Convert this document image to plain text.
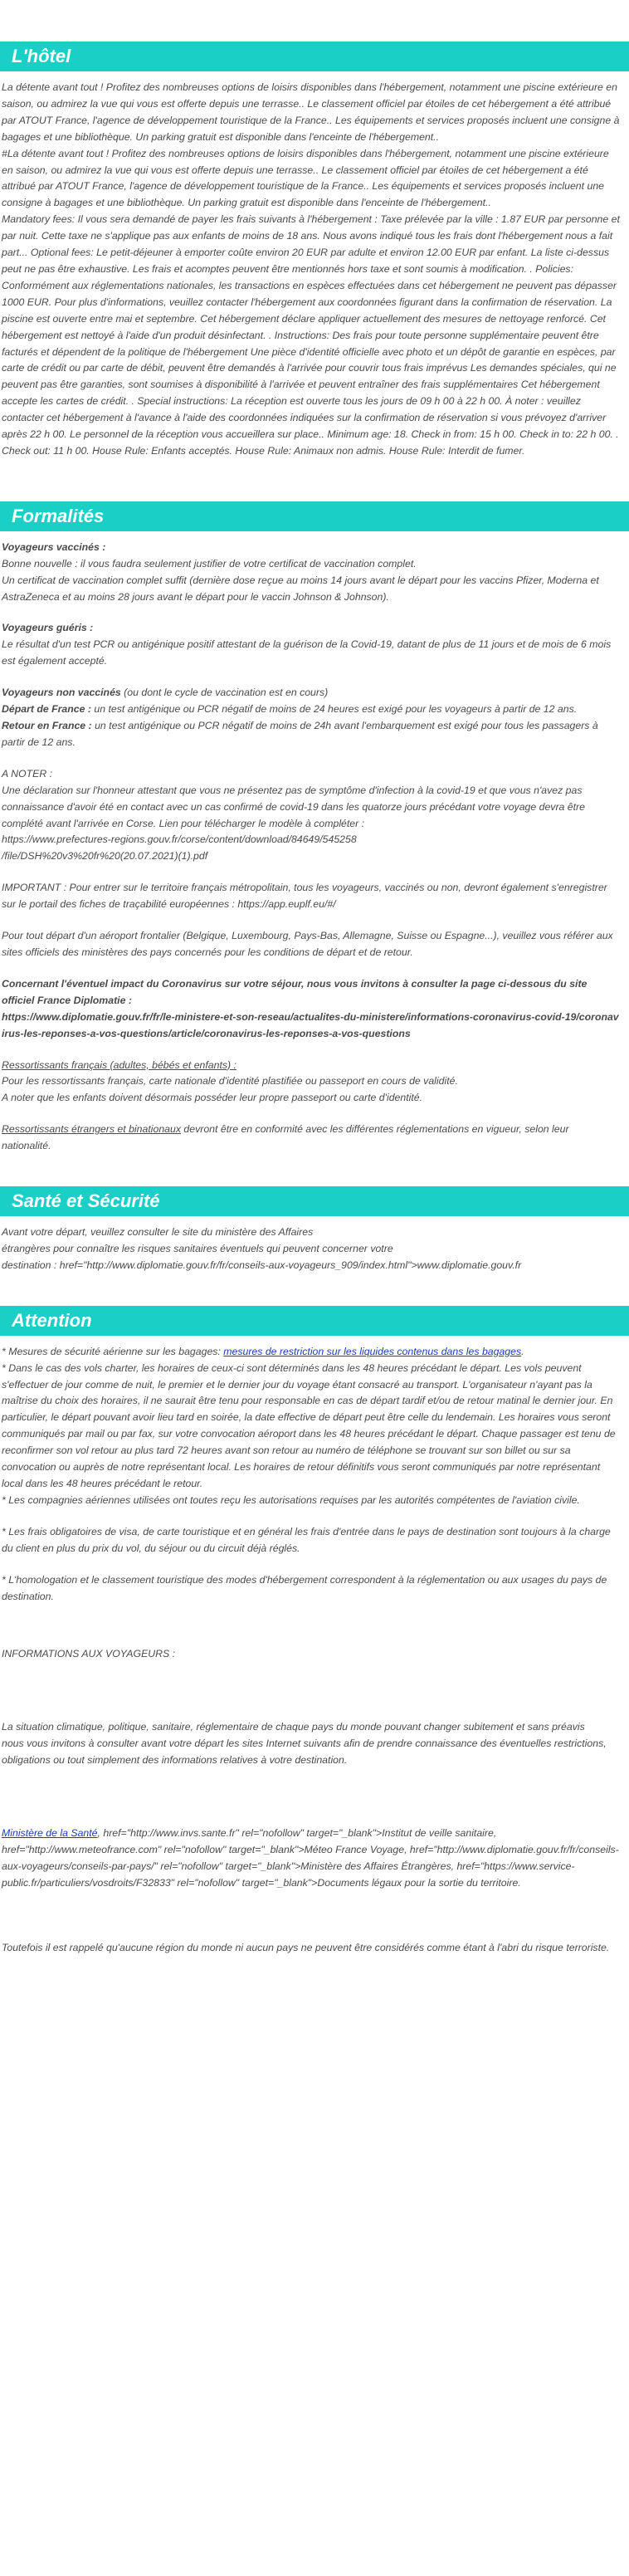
L'hôtel

La détente avant tout ! Profitez des nombreuses options de loisirs disponibles dans l'hébergement, notamment une piscine extérieure en saison, ou admirez la vue qui vous est offerte depuis une terrasse.. Le classement officiel par étoiles de cet hébergement a été attribué par ATOUT France, l'agence de développement touristique de la France.. Les équipements et services proposés incluent une consigne à bagages et une bibliothèque. Un parking gratuit est disponible dans l'enceinte de l'hébergement..

#La détente avant tout ! Profitez des nombreuses options de loisirs disponibles dans l'hébergement, notamment une piscine extérieure en saison, ou admirez la vue qui vous est offerte depuis une terrasse.. Le classement officiel par étoiles de cet hébergement a été attribué par ATOUT France, l'agence de développement touristique de la France.. Les équipements et services proposés incluent une consigne à bagages et une bibliothèque. Un parking gratuit est disponible dans l'enceinte de l'hébergement..

Mandatory fees: Il vous sera demandé de payer les frais suivants à l'hébergement : Taxe prélevée par la ville : 1.87 EUR par personne et par nuit. Cette taxe ne s'applique pas aux enfants de moins de 18 ans. Nous avons indiqué tous les frais dont l'hébergement nous a fait part... Optional fees: Le petit-déjeuner à emporter coûte environ 20 EUR par adulte et environ 12.00 EUR par enfant. La liste ci-dessus peut ne pas être exhaustive. Les frais et acomptes peuvent être mentionnés hors taxe et sont soumis à modification. . Policies: Conformément aux réglementations nationales, les transactions en espèces effectuées dans cet hébergement ne peuvent pas dépasser 1000 EUR. Pour plus d'informations, veuillez contacter l'hébergement aux coordonnées figurant dans la confirmation de réservation. La piscine est ouverte entre mai et septembre. Cet hébergement déclare appliquer actuellement des mesures de nettoyage renforcé. Cet hébergement est nettoyé à l'aide d'un produit désinfectant. . Instructions: Des frais pour toute personne supplémentaire peuvent être facturés et dépendent de la politique de l'hébergement Une pièce d'identité officielle avec photo et un dépôt de garantie en espèces, par carte de crédit ou par carte de débit, peuvent être demandés à l'arrivée pour couvrir tous frais imprévus Les demandes spéciales, qui ne peuvent pas être garanties, sont soumises à disponibilité à l'arrivée et peuvent entraîner des frais supplémentaires Cet hébergement accepte les cartes de crédit. . Special instructions: La réception est ouverte tous les jours de 09 h 00 à 22 h 00. À noter : veuillez contacter cet hébergement à l'avance à l'aide des coordonnées indiquées sur la confirmation de réservation si vous prévoyez d'arriver après 22 h 00. Le personnel de la réception vous accueillera sur place.. Minimum age: 18. Check in from: 15 h 00. Check in to: 22 h 00. . Check out: 11 h 00. House Rule: Enfants acceptés. House Rule: Animaux non admis. House Rule: Interdit de fumer.

Formalités

Voyageurs vaccinés :

Bonne nouvelle : il vous faudra seulement justifier de votre certificat de vaccination complet.

Un certificat de vaccination complet suffit (dernière dose reçue au moins 14 jours avant le départ pour les vaccins Pfizer, Moderna et AstraZeneca et au moins 28 jours avant le départ pour le vaccin Johnson & Johnson).

Voyageurs guéris :

Le résultat d'un test PCR ou antigénique positif attestant de la guérison de la Covid-19, datant de plus de 11 jours et de mois de 6 mois est également accepté.

Voyageurs non vaccinés (ou dont le cycle de vaccination est en cours)

Départ de France : un test antigénique ou PCR négatif de moins de 24 heures est exigé pour les voyageurs à partir de 12 ans.

Retour en France : un test antigénique ou PCR négatif de moins de 24h avant l'embarquement est exigé pour tous les passagers à partir de 12 ans.

A NOTER :

Une déclaration sur l'honneur attestant que vous ne présentez pas de symptôme d'infection à la covid-19 et que vous n'avez pas connaissance d'avoir été en contact avec un cas confirmé de covid-19 dans les quatorze jours précédant votre voyage devra être complété avant l'arrivée en Corse. Lien pour télécharger le modèle à compléter :

https://www.prefectures-regions.gouv.fr/corse/content/download/84649/545258

/file/DSH%20v3%20fr%20(20.07.2021)(1).pdf

IMPORTANT : Pour entrer sur le territoire français métropolitain, tous les voyageurs, vaccinés ou non, devront également s'enregistrer sur le portail des fiches de traçabilité européennes : https://app.euplf.eu/#/

Pour tout départ d'un aéroport frontalier (Belgique, Luxembourg, Pays-Bas, Allemagne, Suisse ou Espagne...), veuillez vous référer aux sites officiels des ministères des pays concernés pour les conditions de départ et de retour.

Concernant l'éventuel impact du Coronavirus sur votre séjour, nous vous invitons à consulter la page ci-dessous du site officiel France Diplomatie :

https://www.diplomatie.gouv.fr/fr/le-ministere-et-son-reseau/actualites-du-ministere/informations-coronavirus-covid-19/coronavirus-les-reponses-a-vos-questions/article/coronavirus-les-reponses-a-vos-questions

Ressortissants français (adultes, bébés et enfants) :

Pour les ressortissants français, carte nationale d'identité plastifiée ou passeport en cours de validité.

A noter que les enfants doivent désormais posséder leur propre passeport ou carte d'identité.

Ressortissants étrangers et binationaux devront être en conformité avec les différentes réglementations en vigueur, selon leur nationalité.

Santé et Sécurité

Avant votre départ, veuillez consulter le site du ministère des Affaires

étrangères pour connaître les risques sanitaires éventuels qui peuvent concerner votre

destination : href="http://www.diplomatie.gouv.fr/fr/conseils-aux-voyageurs_909/index.html">www.diplomatie.gouv.fr

Attention

* Mesures de sécurité aérienne sur les bagages: mesures de restriction sur les liquides contenus dans les bagages.

* Dans le cas des vols charter, les horaires de ceux-ci sont déterminés dans les 48 heures précédant le départ. Les vols peuvent s'effectuer de jour comme de nuit, le premier et le dernier jour du voyage étant consacré au transport. L'organisateur n'ayant pas la maîtrise du choix des horaires, il ne saurait être tenu pour responsable en cas de départ tardif et/ou de retour matinal le dernier jour. En particulier, le départ pouvant avoir lieu tard en soirée, la date effective de départ peut être celle du lendemain. Les horaires vous seront communiqués par mail ou par fax, sur votre convocation aéroport dans les 48 heures précédant le départ. Chaque passager est tenu de reconfirmer son vol retour au plus tard 72 heures avant son retour au numéro de téléphone se trouvant sur son billet ou sur sa convocation ou auprès de notre représentant local. Les horaires de retour définitifs vous seront communiqués par notre représentant local dans les 48 heures précédant le retour.

* Les compagnies aériennes utilisées ont toutes reçu les autorisations requises par les autorités compétentes de l'aviation civile.

* Les frais obligatoires de visa, de carte touristique et en général les frais d'entrée dans le pays de destination sont toujours à la charge du client en plus du prix du vol, du séjour ou du circuit déjà réglés.

* L'homologation et le classement touristique des modes d'hébergement correspondent à la réglementation ou aux usages du pays de destination.

INFORMATIONS AUX VOYAGEURS :

La situation climatique, politique, sanitaire, réglementaire de chaque pays du monde pouvant changer subitement et sans préavis

nous vous invitons à consulter avant votre départ les sites Internet suivants afin de prendre connaissance des éventuelles restrictions, obligations ou tout simplement des informations relatives à votre destination.

Ministère de la Santé, href="http://www.invs.sante.fr" rel="nofollow" target="_blank">Institut de veille sanitaire, href="http://www.meteofrance.com" rel="nofollow" target="_blank">Méteo France Voyage, href="http://www.diplomatie.gouv.fr/fr/conseils-aux-voyageurs/conseils-par-pays/" rel="nofollow" target="_blank">Ministère des Affaires Étrangères, href="https://www.service-public.fr/particuliers/vosdroits/F32833" rel="nofollow" target="_blank">Documents légaux pour la sortie du territoire.

Toutefois il est rappelé qu'aucune région du monde ni aucun pays ne peuvent être considérés comme étant à l'abri du risque terroriste.
